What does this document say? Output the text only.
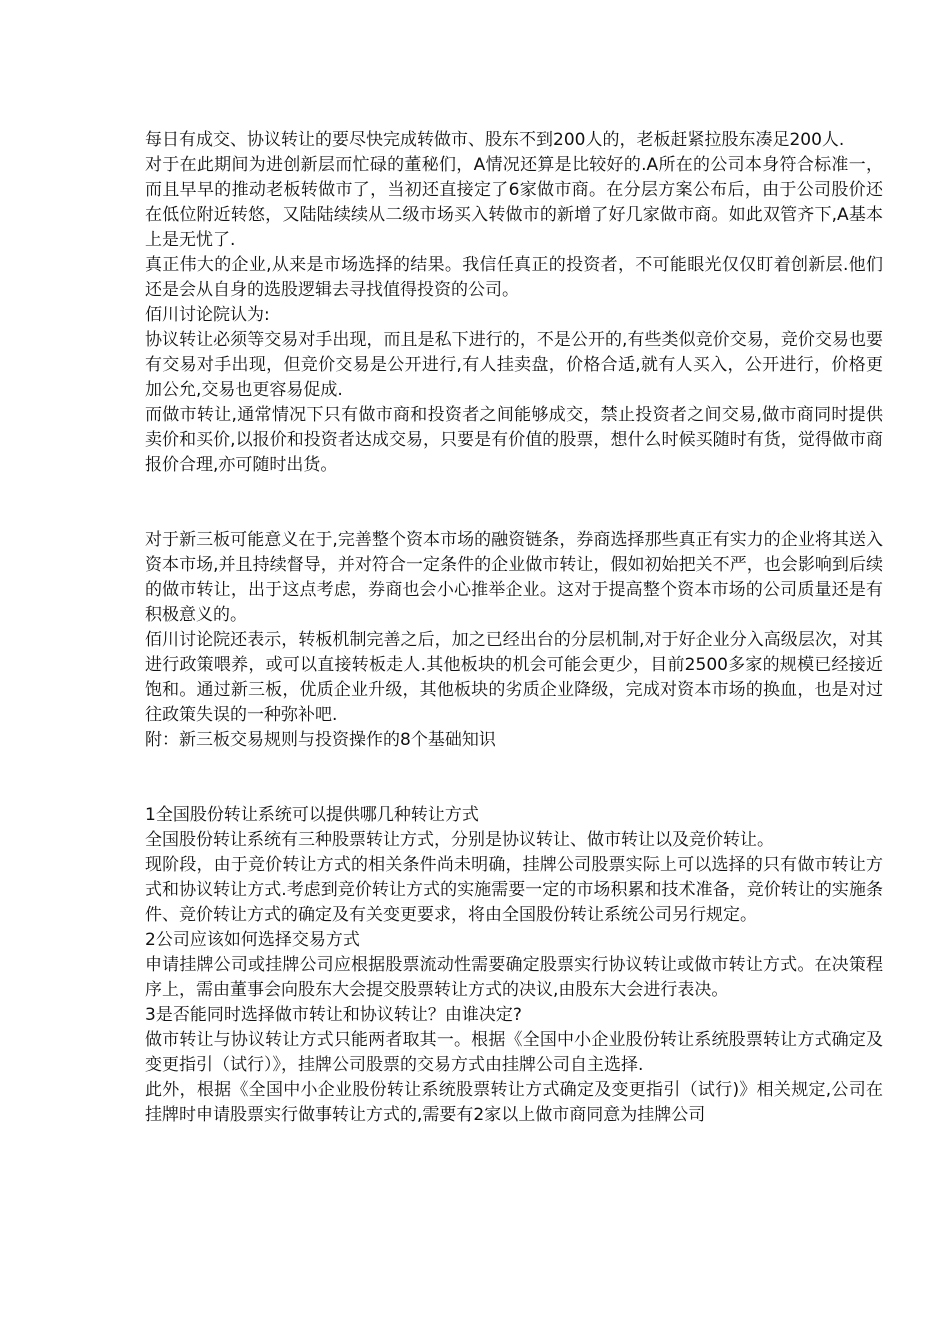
每日有成交、协议转让的要尽快完成转做市、股东不到200人的，老板赶紧拉股东凑足200人.

对于在此期间为进创新层而忙碌的董秘们，A情况还算是比较好的.A所在的公司本身符合标准一，而且早早的推动老板转做市了，当初还直接定了6家做市商。在分层方案公布后，由于公司股价还在低位附近转悠，又陆陆续续从二级市场买入转做市的新增了好几家做市商。如此双管齐下,A基本上是无忧了.

真正伟大的企业,从来是市场选择的结果。我信任真正的投资者，不可能眼光仅仅盯着创新层.他们还是会从自身的选股逻辑去寻找值得投资的公司。

佰川讨论院认为:

协议转让必须等交易对手出现，而且是私下进行的，不是公开的,有些类似竞价交易，竞价交易也要有交易对手出现，但竞价交易是公开进行,有人挂卖盘，价格合适,就有人买入，公开进行，价格更加公允,交易也更容易促成.

而做市转让,通常情况下只有做市商和投资者之间能够成交，禁止投资者之间交易,做市商同时提供卖价和买价,以报价和投资者达成交易，只要是有价值的股票，想什么时候买随时有货，觉得做市商报价合理,亦可随时出货。

对于新三板可能意义在于,完善整个资本市场的融资链条，券商选择那些真正有实力的企业将其送入资本市场,并且持续督导，并对符合一定条件的企业做市转让，假如初始把关不严，也会影响到后续的做市转让，出于这点考虑，券商也会小心推举企业。这对于提高整个资本市场的公司质量还是有积极意义的。

佰川讨论院还表示，转板机制完善之后，加之已经出台的分层机制,对于好企业分入高级层次，对其进行政策喂养，或可以直接转板走人.其他板块的机会可能会更少，目前2500多家的规模已经接近饱和。通过新三板，优质企业升级，其他板块的劣质企业降级，完成对资本市场的换血，也是对过往政策失误的一种弥补吧.

附：新三板交易规则与投资操作的8个基础知识

1全国股份转让系统可以提供哪几种转让方式

全国股份转让系统有三种股票转让方式，分别是协议转让、做市转让以及竞价转让。

现阶段，由于竞价转让方式的相关条件尚未明确，挂牌公司股票实际上可以选择的只有做市转让方式和协议转让方式.考虑到竞价转让方式的实施需要一定的市场积累和技术准备，竞价转让的实施条件、竞价转让方式的确定及有关变更要求，将由全国股份转让系统公司另行规定。

2公司应该如何选择交易方式

申请挂牌公司或挂牌公司应根据股票流动性需要确定股票实行协议转让或做市转让方式。在决策程序上，需由董事会向股东大会提交股票转让方式的决议,由股东大会进行表决。

3是否能同时选择做市转让和协议转让？由谁决定?

做市转让与协议转让方式只能两者取其一。根据《全国中小企业股份转让系统股票转让方式确定及变更指引（试行）》，挂牌公司股票的交易方式由挂牌公司自主选择.

此外，根据《全国中小企业股份转让系统股票转让方式确定及变更指引（试行)》相关规定,公司在挂牌时申请股票实行做事转让方式的,需要有2家以上做市商同意为挂牌公司
